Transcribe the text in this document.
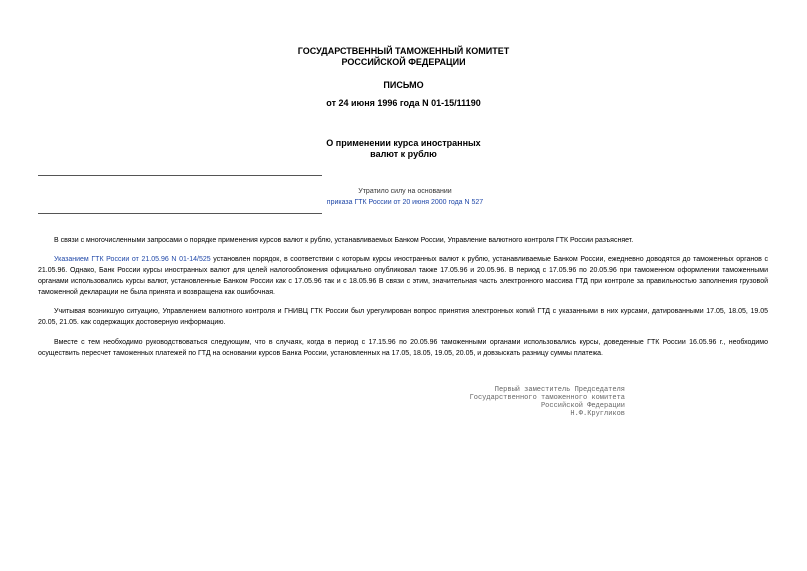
ГОСУДАРСТВЕННЫЙ ТАМОЖЕННЫЙ КОМИТЕТ
РОССИЙСКОЙ ФЕДЕРАЦИИ
ПИСЬМО
от 24 июня 1996 года N 01-15/11190
О применении курса иностранных
валют к рублю
Утратило силу на основании
приказа ГТК России от 20 июня 2000 года N 527
В связи с многочисленными запросами о порядке применения курсов валют к рублю, устанавливаемых Банком России, Управление валютного контроля ГТК России разъясняет.
Указанием ГТК России от 21.05.96 N 01-14/525 установлен порядок, в соответствии с которым курсы иностранных валют к рублю, устанавливаемые Банком России, ежедневно доводятся до таможенных органов с 21.05.96. Однако, Банк России курсы иностранных валют для целей налогообложения официально опубликовал также 17.05.96 и 20.05.96. В период с 17.05.96 по 20.05.96 при таможенном оформлении таможенными органами использовались курсы валют, установленные Банком России как с 17.05.96 так и с 18.05.96 В связи с этим, значительная часть электронного массива ГТД при контроле за правильностью заполнения грузовой таможенной декларации не была принята и возвращена как ошибочная.
Учитывая возникшую ситуацию, Управлением валютного контроля и ГНИВЦ ГТК России был урегулирован вопрос принятия электронных копий ГТД с указанными в них курсами, датированными 17.05, 18.05, 19.05 20.05, 21.05. как содержащих достоверную информацию.
Вместе с тем необходимо руководствоваться следующим, что в случаях, когда в период с 17.15.96 по 20.05.96 таможенными органами использовались курсы, доведенные ГТК России 16.05.96 г., необходимо осуществить пересчет таможенных платежей по ГТД на основании курсов Банка России, установленных на 17.05, 18.05, 19.05, 20.05, и довзыскать разницу суммы платежа.
Первый заместитель Председателя
Государственного таможенного комитета
Российской Федерации
Н.Ф.Кругликов
